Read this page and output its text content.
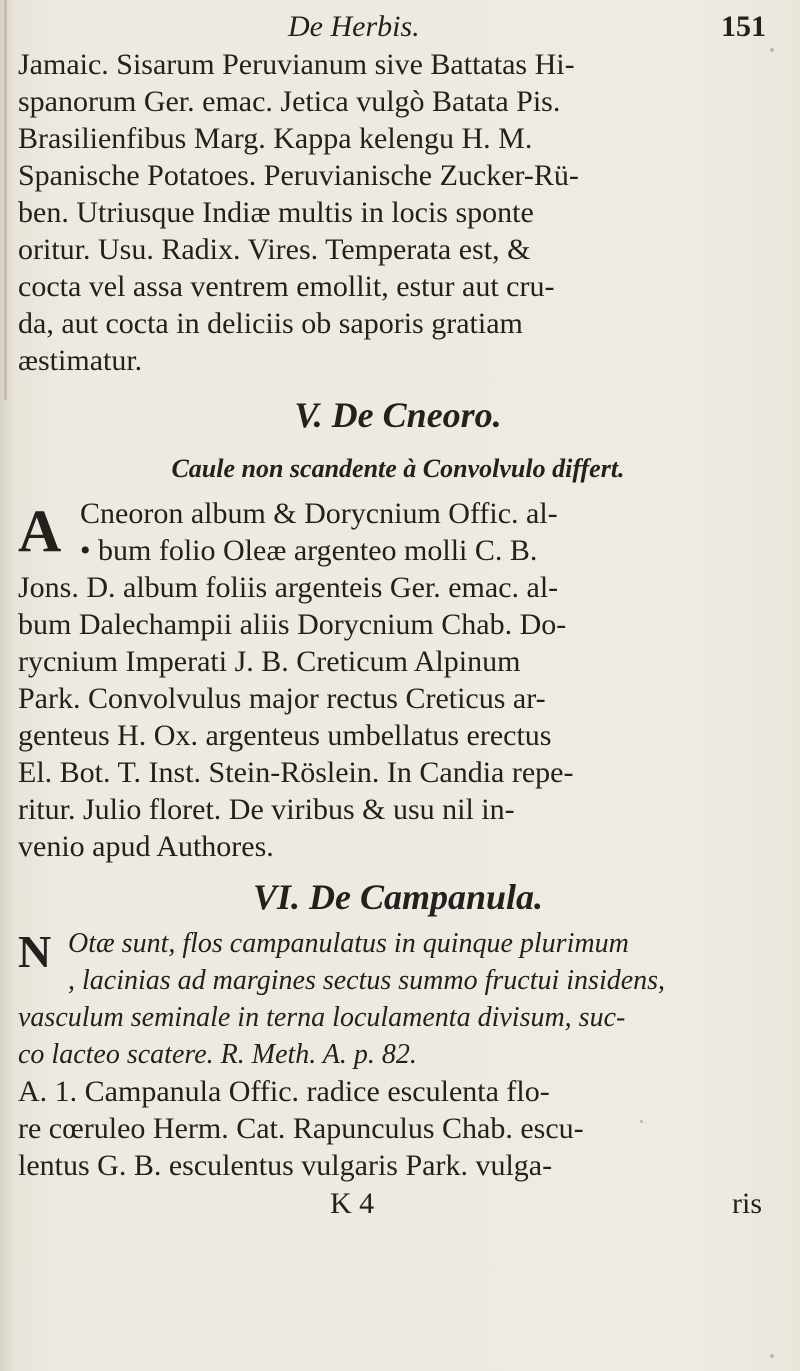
De Herbis.	151
Jamaic. Sisarum Peruvianum sive Battatas Hi-
spanorum Ger. emac. Jetica vulgò Batata Pis.
Brasilienfibus Marg. Kappa kelengu H. M.
Spanische Potatoes. Peruvianische Zucker-Rü-
ben. Utriusque Indiæ multis in locis sponte
oritur. Usu. Radix. Vires. Temperata est, &
cocta vel assa ventrem emollit, estur aut cru-
da, aut cocta in deliciis ob saporis gratiam
æstimatur.
V. De Cneoro.
Caule non scandente à Convolvulo differt.
A Cneoron album & Dorycnium Offic. al-
• bum folio Oleæ argenteo molli C. B.
Jons. D. album foliis argenteis Ger. emac. al-
bum Dalechampii aliis Dorycnium Chab. Do-
rycnium Imperati J. B. Creticum Alpinum
Park. Convolvulus major rectus Creticus ar-
genteus H. Ox. argenteus umbellatus erectus
El. Bot. T. Inst. Stein-Röslein. In Candia repe-
ritur. Julio floret. De viribus & usu nil in-
venio apud Authores.
VI. De Campanula.
N Otæ sunt, flos campanulatus in quinque plurimum
, lacinias ad margines sectus summo fructui insidens,
vasculum seminale in terna loculamenta divisum, suc-
co lacteo scatere. R. Meth. A. p. 82.
A. 1. Campanula Offic. radice esculenta flo-
re cœruleo Herm. Cat. Rapunculus Chab. escu-
lentus G. B. esculentus vulgaris Park. vulga-
K 4	ris
